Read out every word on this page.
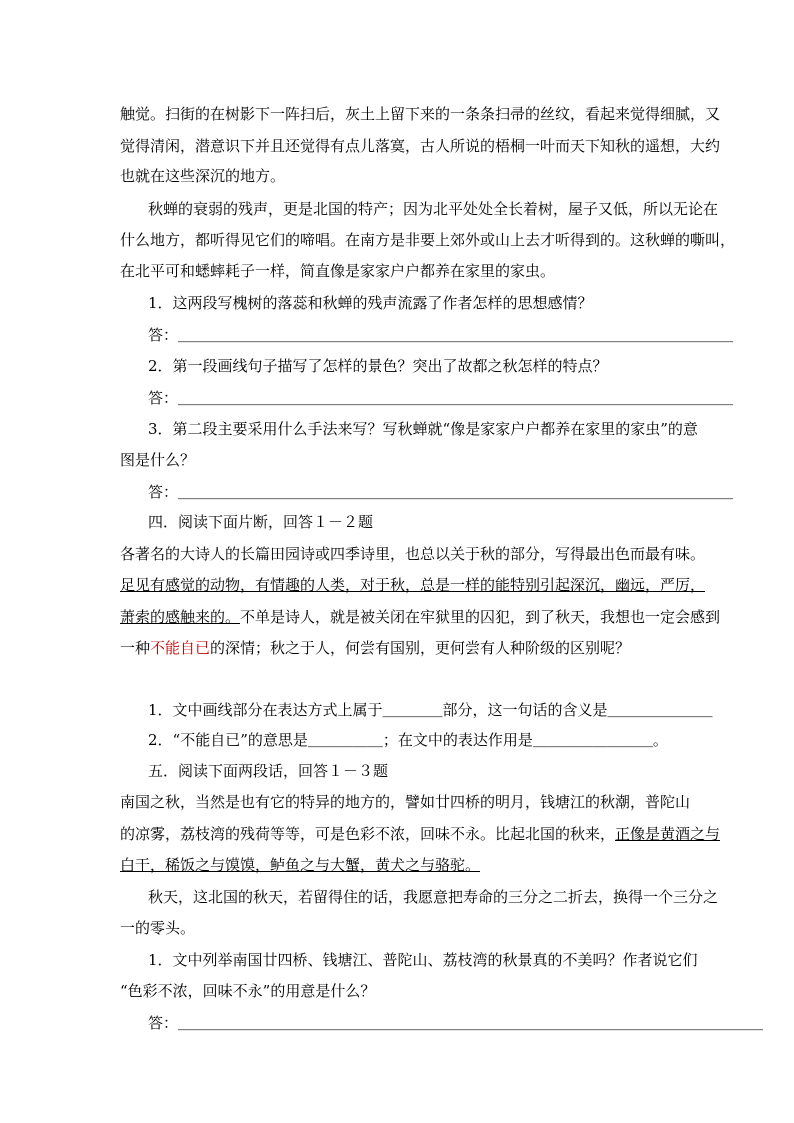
触觉。扫街的在树影下一阵扫后，灰土上留下来的一条条扫帚的丝纹，看起来觉得细腻，又
觉得清闲，潜意识下并且还觉得有点儿落寞，古人所说的梧桐一叶而天下知秋的遥想，大约
也就在这些深沉的地方。
秋蝉的衰弱的残声，更是北国的特产；因为北平处处全长着树，屋子又低，所以无论在
什么地方，都听得见它们的啼唱。在南方是非要上郊外或山上去才听得到的。这秋蝉的嘶叫，
在北平可和蟋蟀耗子一样，简直像是家家户户都养在家里的家虫。
1．这两段写槐树的落蕊和秋蝉的残声流露了作者怎样的思想感情？
答：＿＿＿＿＿＿＿＿＿＿＿＿＿＿＿＿＿＿＿＿＿＿＿＿＿＿＿＿＿＿＿＿＿＿＿＿＿
2．第一段画线句子描写了怎样的景色？突出了故都之秋怎样的特点？
答：＿＿＿＿＿＿＿＿＿＿＿＿＿＿＿＿＿＿＿＿＿＿＿＿＿＿＿＿＿＿＿＿＿＿＿＿＿
3．第二段主要采用什么手法来写？写秋蝉就“像是家家户户都养在家里的家虫”的意
图是什么？
答：＿＿＿＿＿＿＿＿＿＿＿＿＿＿＿＿＿＿＿＿＿＿＿＿＿＿＿＿＿＿＿＿＿＿＿＿＿
四．阅读下面片断，回答１－２题
各著名的大诗人的长篇田园诗或四季诗里，也总以关于秋的部分，写得最出色而最有味。
足见有感觉的动物，有情趣的人类，对于秋，总是一样的能特别引起深沉，幽远，严厉，
萧索的感触来的。不单是诗人，就是被关闭在牢狱里的囚犯，到了秋天，我想也一定会感到
一种不能自已的深情；秋之于人，何尝有国别，更何尝有人种阶级的区别呢？
1．文中画线部分在表达方式上属于＿＿＿＿部分，这一句话的含义是＿＿＿＿＿＿＿
2．“不能自已”的意思是＿＿＿＿＿；在文中的表达作用是＿＿＿＿＿＿＿＿。
五．阅读下面两段话，回答１－３题
南国之秋，当然是也有它的特异的地方的，譬如廿四桥的明月，钱塘江的秋潮，普陀山
的凉雾，荔枝湾的残荷等等，可是色彩不浓，回味不永。比起北国的秋来，正像是黄酒之与
白干，稀饭之与馍馍，鲈鱼之与大蟹，黄犬之与骆驼。
秋天，这北国的秋天，若留得住的话，我愿意把寿命的三分之二折去，换得一个三分之
一的零头。
1．文中列举南国廿四桥、钱塘江、普陀山、荔枝湾的秋景真的不美吗？作者说它们
“色彩不浓，回味不永”的用意是什么？
答：＿＿＿＿＿＿＿＿＿＿＿＿＿＿＿＿＿＿＿＿＿＿＿＿＿＿＿＿＿＿＿＿＿＿＿＿＿＿＿
